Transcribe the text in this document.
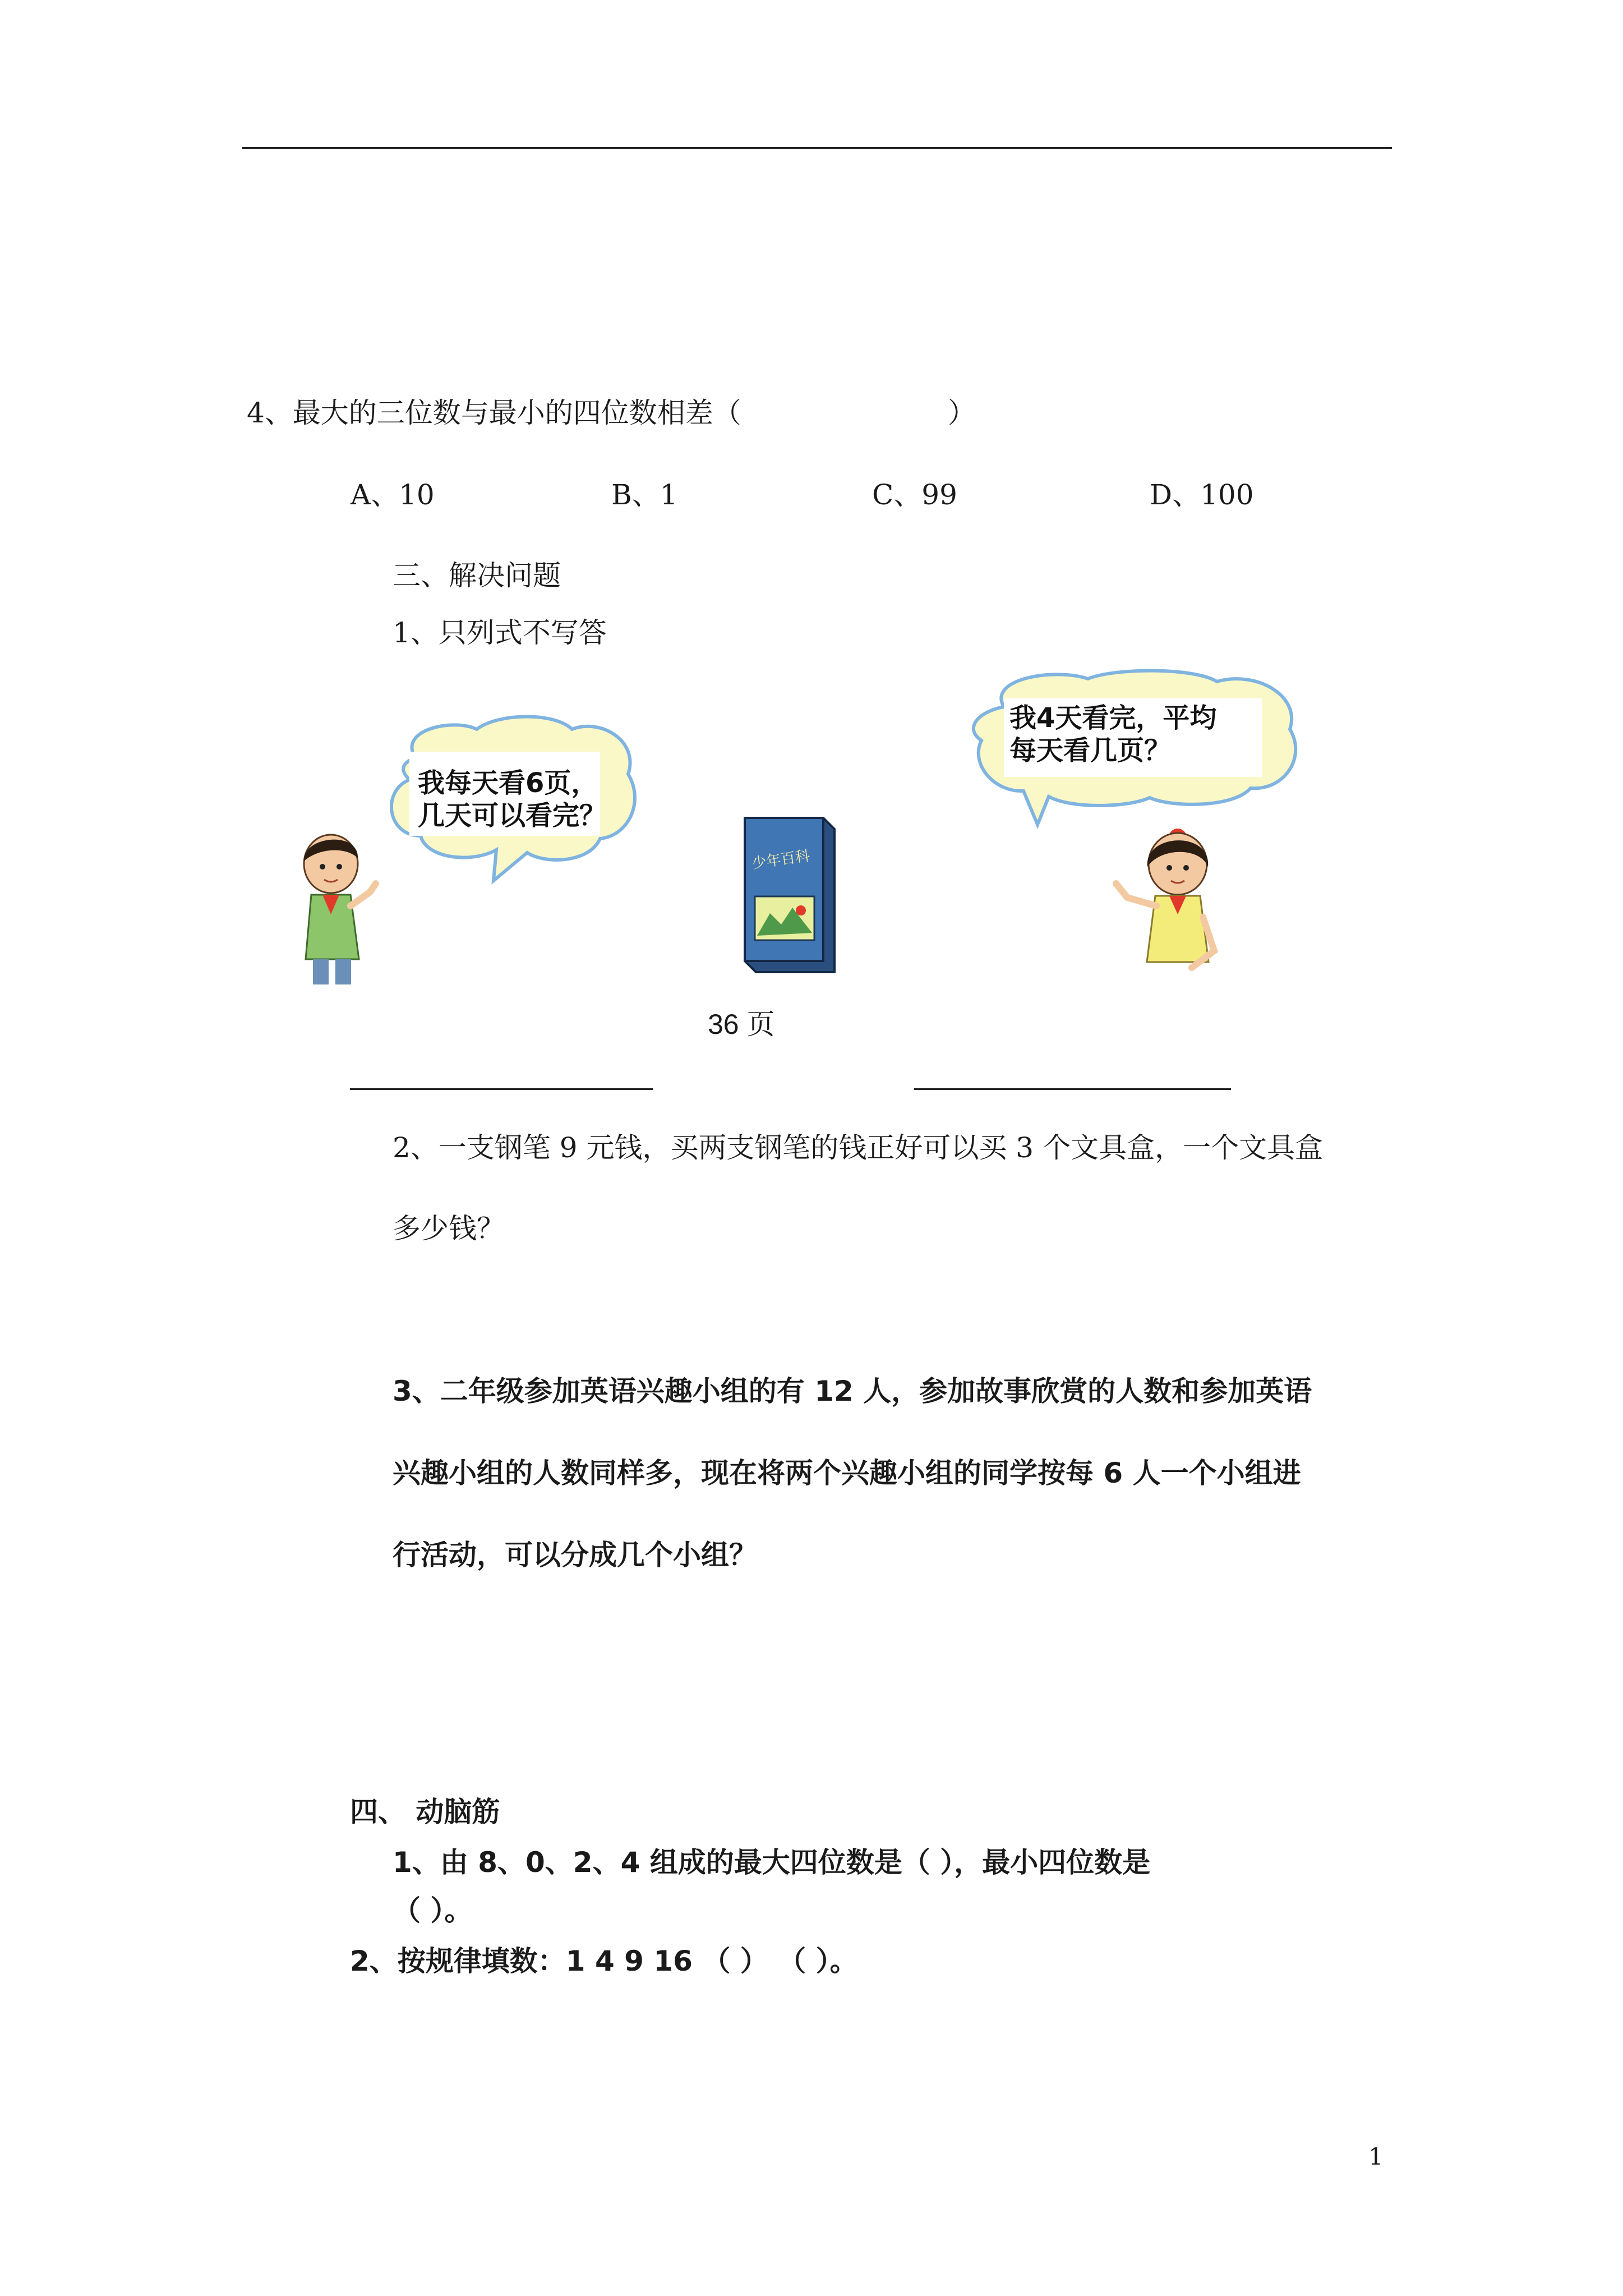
4、最大的三位数与最小的四位数相差（	）
A、10	B、1	C、99	D、100
三、解决问题
1、只列式不写答
我每天看6页，
几天可以看完？
少年百科
36 页
我4天看完，平均
每天看几页？
2、一支钢笔 9 元钱，买两支钢笔的钱正好可以买 3 个文具盒，一个文具盒
多少钱？
3、二年级参加英语兴趣小组的有 12 人，参加故事欣赏的人数和参加英语
兴趣小组的人数同样多，现在将两个兴趣小组的同学按每 6 人一个小组进
行活动，可以分成几个小组？
四、 动脑筋
1、由 8、0、2、4 组成的最大四位数是（ ），最小四位数是
（ ）。
2、按规律填数：1 4 9 16 （ ） （ ）。
1
